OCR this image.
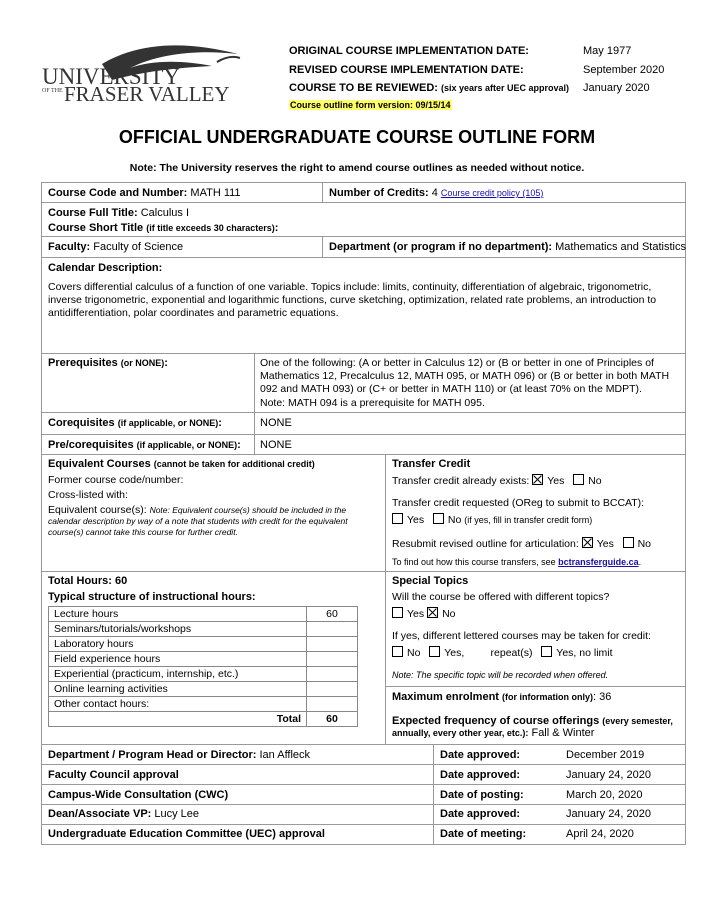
UNIVERSITY
OF THE FRASER VALLEY
ORIGINAL COURSE IMPLEMENTATION DATE:	May 1977
REVISED COURSE IMPLEMENTATION DATE:	September 2020
COURSE TO BE REVIEWED: (six years after UEC approval) January 2020
Course outline form version: 09/15/14
OFFICIAL UNDERGRADUATE COURSE OUTLINE FORM
Note: The University reserves the right to amend course outlines as needed without notice.
Course Code and Number: MATH 111	Number of Credits: 4 Course credit policy (105)
Course Full Title: Calculus I
Course Short Title (if title exceeds 30 characters):
Faculty: Faculty of Science	Department (or program if no department): Mathematics and Statistics
Calendar Description:
Covers differential calculus of a function of one variable. Topics include: limits, continuity, differentiation of algebraic, trigonometric, inverse trigonometric, exponential and logarithmic functions, curve sketching, optimization, related rate problems, an introduction to antidifferentiation, polar coordinates and parametric equations.
Prerequisites (or NONE):	One of the following: (A or better in Calculus 12) or (B or better in one of Principles of Mathematics 12, Precalculus 12, MATH 095, or MATH 096) or (B or better in both MATH 092 and MATH 093) or (C+ or better in MATH 110) or (at least 70% on the MDPT).
Note: MATH 094 is a prerequisite for MATH 095.
Corequisites (if applicable, or NONE):	NONE
Pre/corequisites (if applicable, or NONE): NONE
Equivalent Courses (cannot be taken for additional credit)
Former course code/number:
Cross-listed with:
Equivalent course(s): Note: Equivalent course(s) should be included in the calendar description by way of a note that students with credit for the equivalent course(s) cannot take this course for further credit.
Transfer Credit
Transfer credit already exists: Yes No
Transfer credit requested (OReg to submit to BCCAT):
Yes No (if yes, fill in transfer credit form)
Resubmit revised outline for articulation: Yes No
To find out how this course transfers, see bctransferguide.ca.
Total Hours: 60
Typical structure of instructional hours:
Lecture hours	60
Seminars/tutorials/workshops	
Laboratory hours	
Field experience hours	
Experiential (practicum, internship, etc.)	
Online learning activities	
Other contact hours:	
Total	60
Special Topics
Will the course be offered with different topics?
Yes No
If yes, different lettered courses may be taken for credit:
No Yes,	repeat(s) Yes, no limit
Note: The specific topic will be recorded when offered.
Maximum enrolment (for information only): 36
Expected frequency of course offerings (every semester, annually, every other year, etc.): Fall & Winter
Department / Program Head or Director: Ian Affleck	Date approved:	December 2019
Faculty Council approval	Date approved:	January 24, 2020
Campus-Wide Consultation (CWC)	Date of posting:	March 20, 2020
Dean/Associate VP: Lucy Lee	Date approved:	January 24, 2020
Undergraduate Education Committee (UEC) approval	Date of meeting:	April 24, 2020
